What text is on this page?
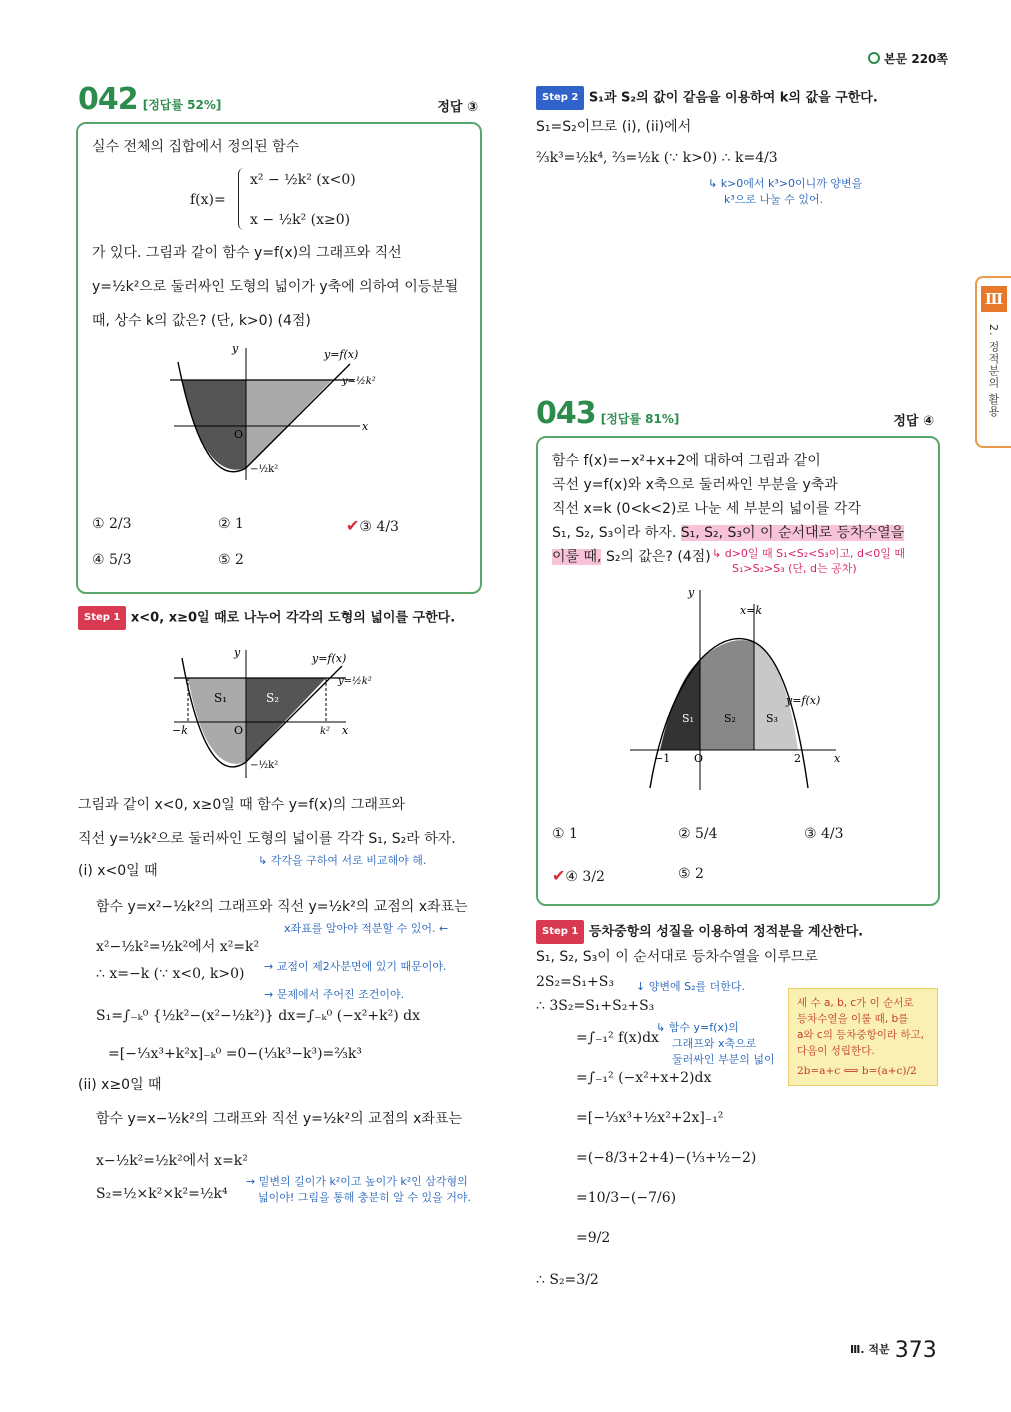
본문 220쪽
Ⅲ
2. 정적분의 활용
042 [정답률 52%]	정답 ③
실수 전체의 집합에서 정의된 함수
f(x)=
x² − ½k² (x<0)
x − ½k² (x≥0)
가 있다. 그림과 같이 함수 y=f(x)의 그래프와 직선
y=½k²으로 둘러싸인 도형의 넓이가 y축에 의하여 이등분될
때, 상수 k의 값은? (단, k>0) (4점)
y
x
O
y=f(x)
y=½k²
−½k²
① 2/3	② 1	✔③ 4/3
④ 5/3	⑤ 2
Step 1 x<0, x≥0일 때로 나누어 각각의 도형의 넓이를 구한다.
S₁	S₂
y
x
O
−k	k²
y=f(x)
y=½k²
−½k²
그림과 같이 x<0, x≥0일 때 함수 y=f(x)의 그래프와
직선 y=½k²으로 둘러싸인 도형의 넓이를 각각 S₁, S₂라 하자.
↳ 각각을 구하여 서로 비교해야 해.
(i) x<0일 때
함수 y=x²−½k²의 그래프와 직선 y=½k²의 교점의 x좌표는
x좌표를 알아야 적분할 수 있어. ←
x²−½k²=½k²에서 x²=k²
→ 교점이 제2사분면에 있기 때문이야.
∴ x=−k (∵ x<0, k>0)
→ 문제에서 주어진 조건이야.
S₁=∫₋ₖ⁰ {½k²−(x²−½k²)} dx=∫₋ₖ⁰ (−x²+k²) dx
=[−⅓x³+k²x]₋ₖ⁰ =0−(⅓k³−k³)=⅔k³
(ii) x≥0일 때
함수 y=x−½k²의 그래프와 직선 y=½k²의 교점의 x좌표는
x−½k²=½k²에서 x=k²
→ 밑변의 길이가 k²이고 높이가 k²인 삼각형의
넓이야! 그림을 통해 충분히 알 수 있을 거야.
S₂=½×k²×k²=½k⁴
Step 2 S₁과 S₂의 값이 같음을 이용하여 k의 값을 구한다.
S₁=S₂이므로 (i), (ii)에서
⅔k³=½k⁴, ⅔=½k (∵ k>0) ∴ k=4/3
↳ k>0에서 k³>0이니까 양변을
k³으로 나눌 수 있어.
043 [정답률 81%]	정답 ④
함수 f(x)=−x²+x+2에 대하여 그림과 같이
곡선 y=f(x)와 x축으로 둘러싸인 부분을 y축과
직선 x=k (0<k<2)로 나눈 세 부분의 넓이를 각각
S₁, S₂, S₃이라 하자. S₁, S₂, S₃이 이 순서대로 등차수열을
이룰 때, S₂의 값은? (4점) ↳ d>0일 때 S₁<S₂<S₃이고, d<0일 때
S₁>S₂>S₃ (단, d는 공차)
S₁	S₂	S₃
y
x
O
−1	2
x=k
y=f(x)
① 1	② 5/4	③ 4/3
✔④ 3/2	⑤ 2
Step 1 등차중항의 성질을 이용하여 정적분을 계산한다.
S₁, S₂, S₃이 이 순서대로 등차수열을 이루므로
2S₂=S₁+S₃ ↓ 양변에 S₂를 더한다.
∴ 3S₂=S₁+S₂+S₃
↳ 함수 y=f(x)의
그래프와 x축으로
둘러싸인 부분의 넓이
=∫₋₁² f(x)dx
=∫₋₁² (−x²+x+2)dx
=[−⅓x³+½x²+2x]₋₁²
=(−8/3+2+4)−(⅓+½−2)
=10/3−(−7/6)
=9/2
∴ S₂=3/2
세 수 a, b, c가 이 순서로
등차수열을 이룰 때, b를
a와 c의 등차중항이라 하고,
다음이 성립한다.
2b=a+c ⟺ b=(a+c)/2
$^{Ⅲ. 적분}$ 373
